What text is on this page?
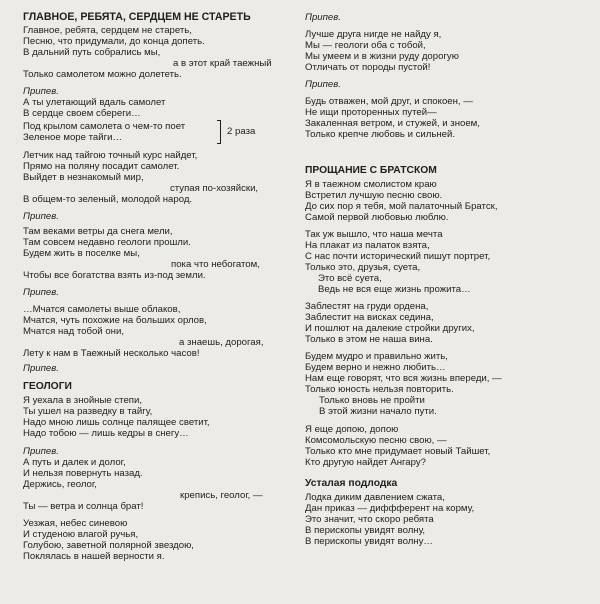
ГЛАВНОЕ, РЕБЯТА, СЕРДЦЕМ НЕ СТАРЕТЬ
Главное, ребята, сердцем не стареть,
Песню, что придумали, до конца допеть.
В дальний путь собрались мы,
а в этот край таежный
Только самолетом можно долететь.
Припев.
А ты улетающий вдаль самолет
В сердце своем сбереги…
Под крылом самолета о чем-то поет
Зеленое море тайги…
2 раза
Летчик над тайгою точный курс найдет,
Прямо на поляну посадит самолет.
Выйдет в незнакомый мир,
ступая по-хозяйски,
В общем-то зеленый, молодой народ.
Припев.
Там веками ветры да снега мели,
Там совсем недавно геологи прошли.
Будем жить в поселке мы,
пока что небогатом,
Чтобы все богатства взять из-под земли.
Припев.
…Мчатся самолеты выше облаков,
Мчатся, чуть похожие на больших орлов,
Мчатся над тобой они,
а знаешь, дорогая,
Лету к нам в Таежный несколько часов!
Припев.
ГЕОЛОГИ
Я уехала в знойные степи,
Ты ушел на разведку в тайгу,
Надо мною лишь солнце палящее светит,
Надо тобою — лишь кедры в снегу…
Припев.
А путь и далек и долог,
И нельзя повернуть назад.
Держись, геолог,
крепись, геолог, —
Ты — ветра и солнца брат!
Уезжая, небес синевою
И студеною влагой ручья,
Голубою, заветной полярной звездою,
Поклялась в нашей верности я.
Припев.
Лучше друга нигде не найду я,
Мы — геологи оба с тобой,
Мы умеем и в жизни руду дорогую
Отличать от породы пустой!
Припев.
Будь отважен, мой друг, и спокоен, —
Не ищи проторенных путей—
Закаленная ветром, и стужей, и зноем,
Только крепче любовь и сильней.
ПРОЩАНИЕ С БРАТСКОМ
Я в таежном смолистом краю
Встретил лучшую песню свою.
До сих пор я тебя, мой палаточный Братск,
Самой первой любовью люблю.
Так уж вышло, что наша мечта
На плакат из палаток взята,
С нас почти исторический пишут портрет,
Только это, друзья, суета,
Это всё суета,
Ведь не вся еще жизнь прожита…
Заблестят на груди ордена,
Заблестит на висках седина,
И пошлют на далекие стройки других,
Только в этом не наша вина.
Будем мудро и правильно жить,
Будем верно и нежно любить…
Нам еще говорят, что вся жизнь впереди, —
Только юность нельзя повторить.
Только вновь не пройти
В этой жизни начало пути.
Я еще допою, допою
Комсомольскую песню свою, —
Только кто мне придумает новый Тайшет,
Кто другую найдет Ангару?
Усталая подлодка
Лодка диким давлением сжата,
Дан приказ — диффферент на корму,
Это значит, что скоро ребята
В перископы увидят волну,
В перископы увидят волну…
